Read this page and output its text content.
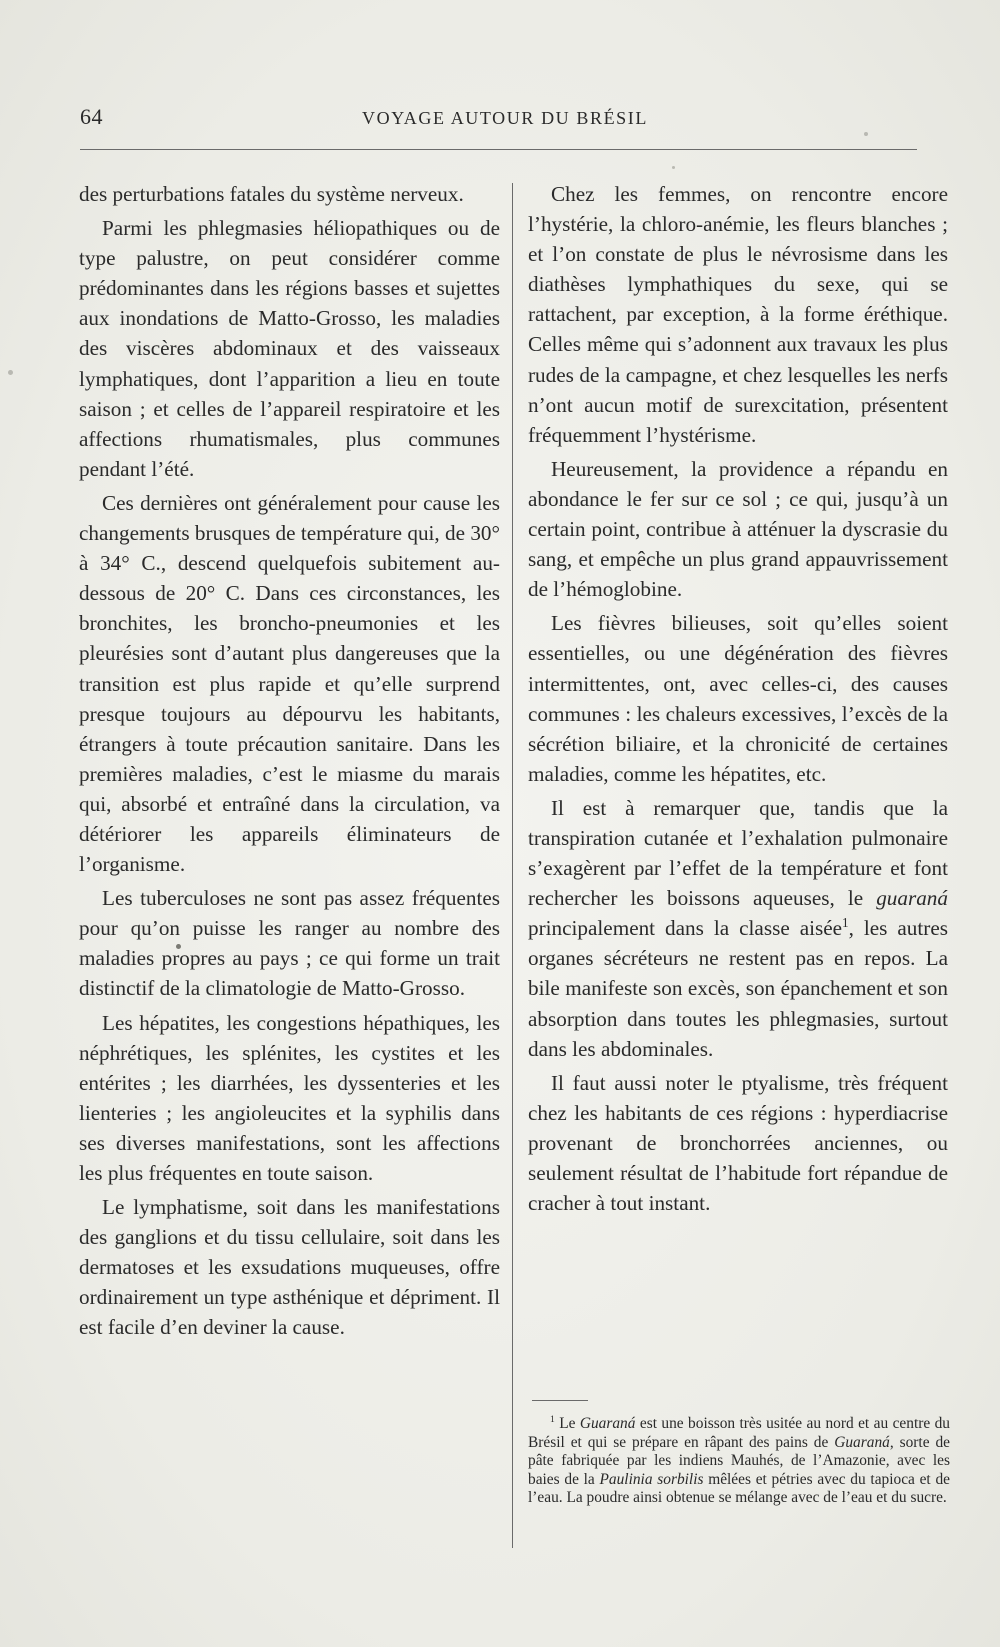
64	VOYAGE AUTOUR DU BRÉSIL

des perturbations fatales du système nerveux.

Parmi les phlegmasies héliopathiques ou de type palustre, on peut considérer comme prédominantes dans les régions basses et sujettes aux inondations de Matto-Grosso, les maladies des viscères abdominaux et des vaisseaux lymphatiques, dont l’apparition a lieu en toute saison ; et celles de l’appareil respiratoire et les affections rhumatismales, plus communes pendant l’été.

Ces dernières ont généralement pour cause les changements brusques de température qui, de 30° à 34° C., descend quelquefois subitement au-dessous de 20° C. Dans ces circonstances, les bronchites, les broncho-pneumonies et les pleurésies sont d’autant plus dangereuses que la transition est plus rapide et qu’elle surprend presque toujours au dépourvu les habitants, étrangers à toute précaution sanitaire. Dans les premières maladies, c’est le miasme du marais qui, absorbé et entraîné dans la circulation, va détériorer les appareils éliminateurs de l’organisme.

Les tuberculoses ne sont pas assez fréquentes pour qu’on puisse les ranger au nombre des maladies propres au pays ; ce qui forme un trait distinctif de la climatologie de Matto-Grosso.

Les hépatites, les congestions hépathiques, les néphrétiques, les splénites, les cystites et les entérites ; les diarrhées, les dyssenteries et les lienteries ; les angioleucites et la syphilis dans ses diverses manifestations, sont les affections les plus fréquentes en toute saison.

Le lymphatisme, soit dans les manifestations des ganglions et du tissu cellulaire, soit dans les dermatoses et les exsudations muqueuses, offre ordinairement un type asthénique et dépriment. Il est facile d’en deviner la cause.

Chez les femmes, on rencontre encore l’hystérie, la chloro-anémie, les fleurs blanches ; et l’on constate de plus le névrosisme dans les diathèses lymphathiques du sexe, qui se rattachent, par exception, à la forme éréthique. Celles même qui s’adonnent aux travaux les plus rudes de la campagne, et chez lesquelles les nerfs n’ont aucun motif de surexcitation, présentent fréquemment l’hystérisme.

Heureusement, la providence a répandu en abondance le fer sur ce sol ; ce qui, jusqu’à un certain point, contribue à atténuer la dyscrasie du sang, et empêche un plus grand appauvrissement de l’hémoglobine.

Les fièvres bilieuses, soit qu’elles soient essentielles, ou une dégénération des fièvres intermittentes, ont, avec celles-ci, des causes communes : les chaleurs excessives, l’excès de la sécrétion biliaire, et la chronicité de certaines maladies, comme les hépatites, etc.

Il est à remarquer que, tandis que la transpiration cutanée et l’exhalation pulmonaire s’exagèrent par l’effet de la température et font rechercher les boissons aqueuses, le guaraná principalement dans la classe aisée$^1$, les autres organes sécréteurs ne restent pas en repos. La bile manifeste son excès, son épanchement et son absorption dans toutes les phlegmasies, surtout dans les abdominales.

Il faut aussi noter le ptyalisme, très fréquent chez les habitants de ces régions : hyperdiacrise provenant de bronchorrées anciennes, ou seulement résultat de l’habitude fort répandue de cracher à tout instant.

$^1$ Le Guaraná est une boisson très usitée au nord et au centre du Brésil et qui se prépare en râpant des pains de Guaraná, sorte de pâte fabriquée par les indiens Mauhés, de l’Amazonie, avec les baies de la Paulinia sorbilis mêlées et pétries avec du tapioca et de l’eau. La poudre ainsi obtenue se mélange avec de l’eau et du sucre.
